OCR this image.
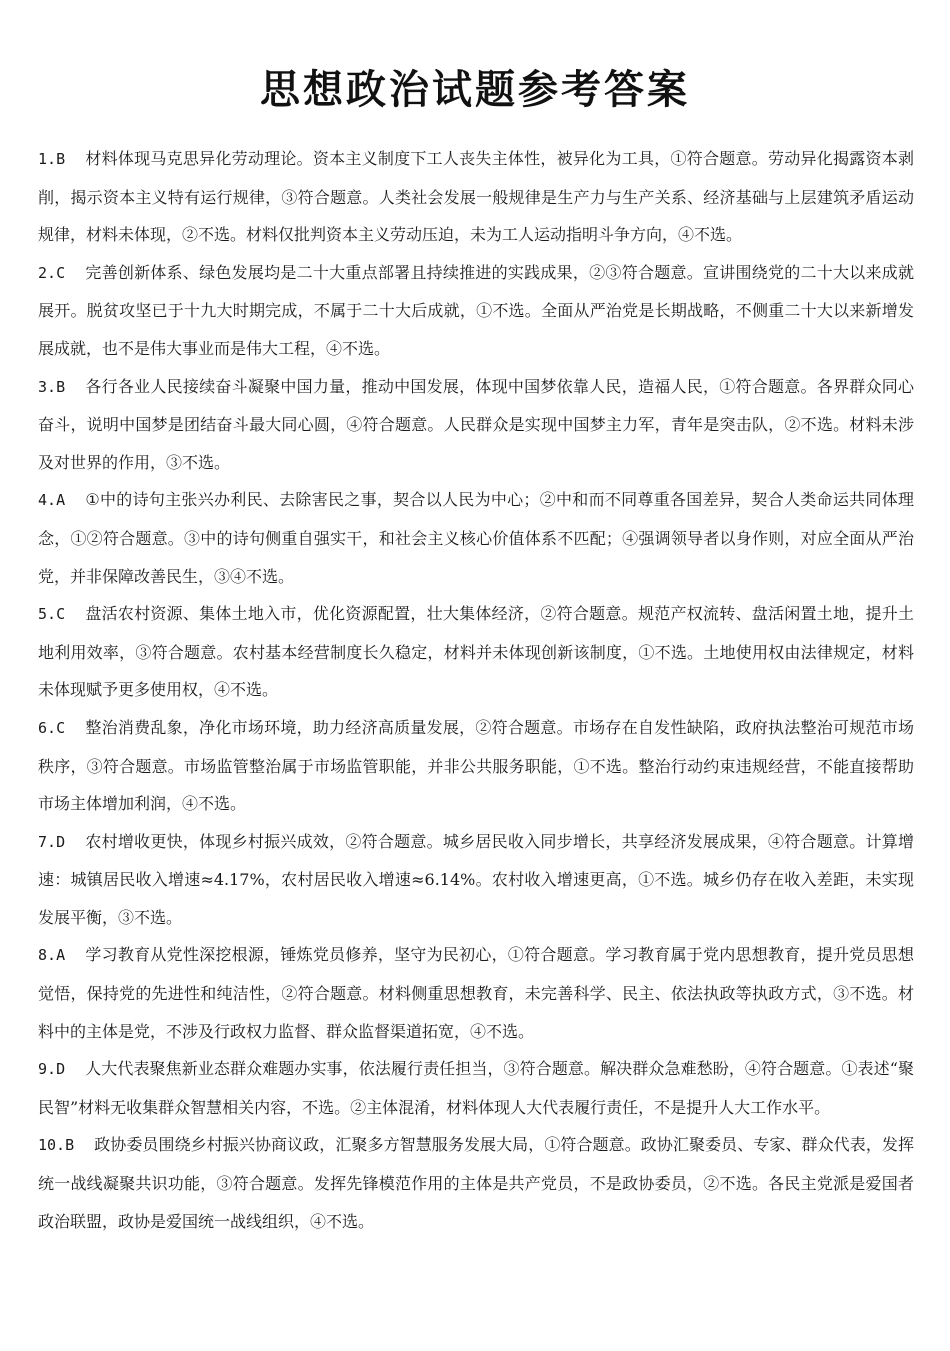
思想政治试题参考答案
1.B 材料体现马克思异化劳动理论。资本主义制度下工人丧失主体性，被异化为工具，①符合题意。劳动异化揭露资本剥削，揭示资本主义特有运行规律，③符合题意。人类社会发展一般规律是生产力与生产关系、经济基础与上层建筑矛盾运动规律，材料未体现，②不选。材料仅批判资本主义劳动压迫，未为工人运动指明斗争方向，④不选。
2.C 完善创新体系、绿色发展均是二十大重点部署且持续推进的实践成果，②③符合题意。宣讲围绕党的二十大以来成就展开。脱贫攻坚已于十九大时期完成，不属于二十大后成就，①不选。全面从严治党是长期战略，不侧重二十大以来新增发展成就，也不是伟大事业而是伟大工程，④不选。
3.B 各行各业人民接续奋斗凝聚中国力量，推动中国发展，体现中国梦依靠人民，造福人民，①符合题意。各界群众同心奋斗，说明中国梦是团结奋斗最大同心圆，④符合题意。人民群众是实现中国梦主力军，青年是突击队，②不选。材料未涉及对世界的作用，③不选。
4.A ①中的诗句主张兴办利民、去除害民之事，契合以人民为中心；②中和而不同尊重各国差异，契合人类命运共同体理念，①②符合题意。③中的诗句侧重自强实干，和社会主义核心价值体系不匹配；④强调领导者以身作则，对应全面从严治党，并非保障改善民生，③④不选。
5.C 盘活农村资源、集体土地入市，优化资源配置，壮大集体经济，②符合题意。规范产权流转、盘活闲置土地，提升土地利用效率，③符合题意。农村基本经营制度长久稳定，材料并未体现创新该制度，①不选。土地使用权由法律规定，材料未体现赋予更多使用权，④不选。
6.C 整治消费乱象，净化市场环境，助力经济高质量发展，②符合题意。市场存在自发性缺陷，政府执法整治可规范市场秩序，③符合题意。市场监管整治属于市场监管职能，并非公共服务职能，①不选。整治行动约束违规经营，不能直接帮助市场主体增加利润，④不选。
7.D 农村增收更快，体现乡村振兴成效，②符合题意。城乡居民收入同步增长，共享经济发展成果，④符合题意。计算增速：城镇居民收入增速≈4.17%，农村居民收入增速≈6.14%。农村收入增速更高，①不选。城乡仍存在收入差距，未实现发展平衡，③不选。
8.A 学习教育从党性深挖根源，锤炼党员修养，坚守为民初心，①符合题意。学习教育属于党内思想教育，提升党员思想觉悟，保持党的先进性和纯洁性，②符合题意。材料侧重思想教育，未完善科学、民主、依法执政等执政方式，③不选。材料中的主体是党，不涉及行政权力监督、群众监督渠道拓宽，④不选。
9.D 人大代表聚焦新业态群众难题办实事，依法履行责任担当，③符合题意。解决群众急难愁盼，④符合题意。①表述“聚民智”材料无收集群众智慧相关内容，不选。②主体混淆，材料体现人大代表履行责任，不是提升人大工作水平。
10.B 政协委员围绕乡村振兴协商议政，汇聚多方智慧服务发展大局，①符合题意。政协汇聚委员、专家、群众代表，发挥统一战线凝聚共识功能，③符合题意。发挥先锋模范作用的主体是共产党员，不是政协委员，②不选。各民主党派是爱国者政治联盟，政协是爱国统一战线组织，④不选。
